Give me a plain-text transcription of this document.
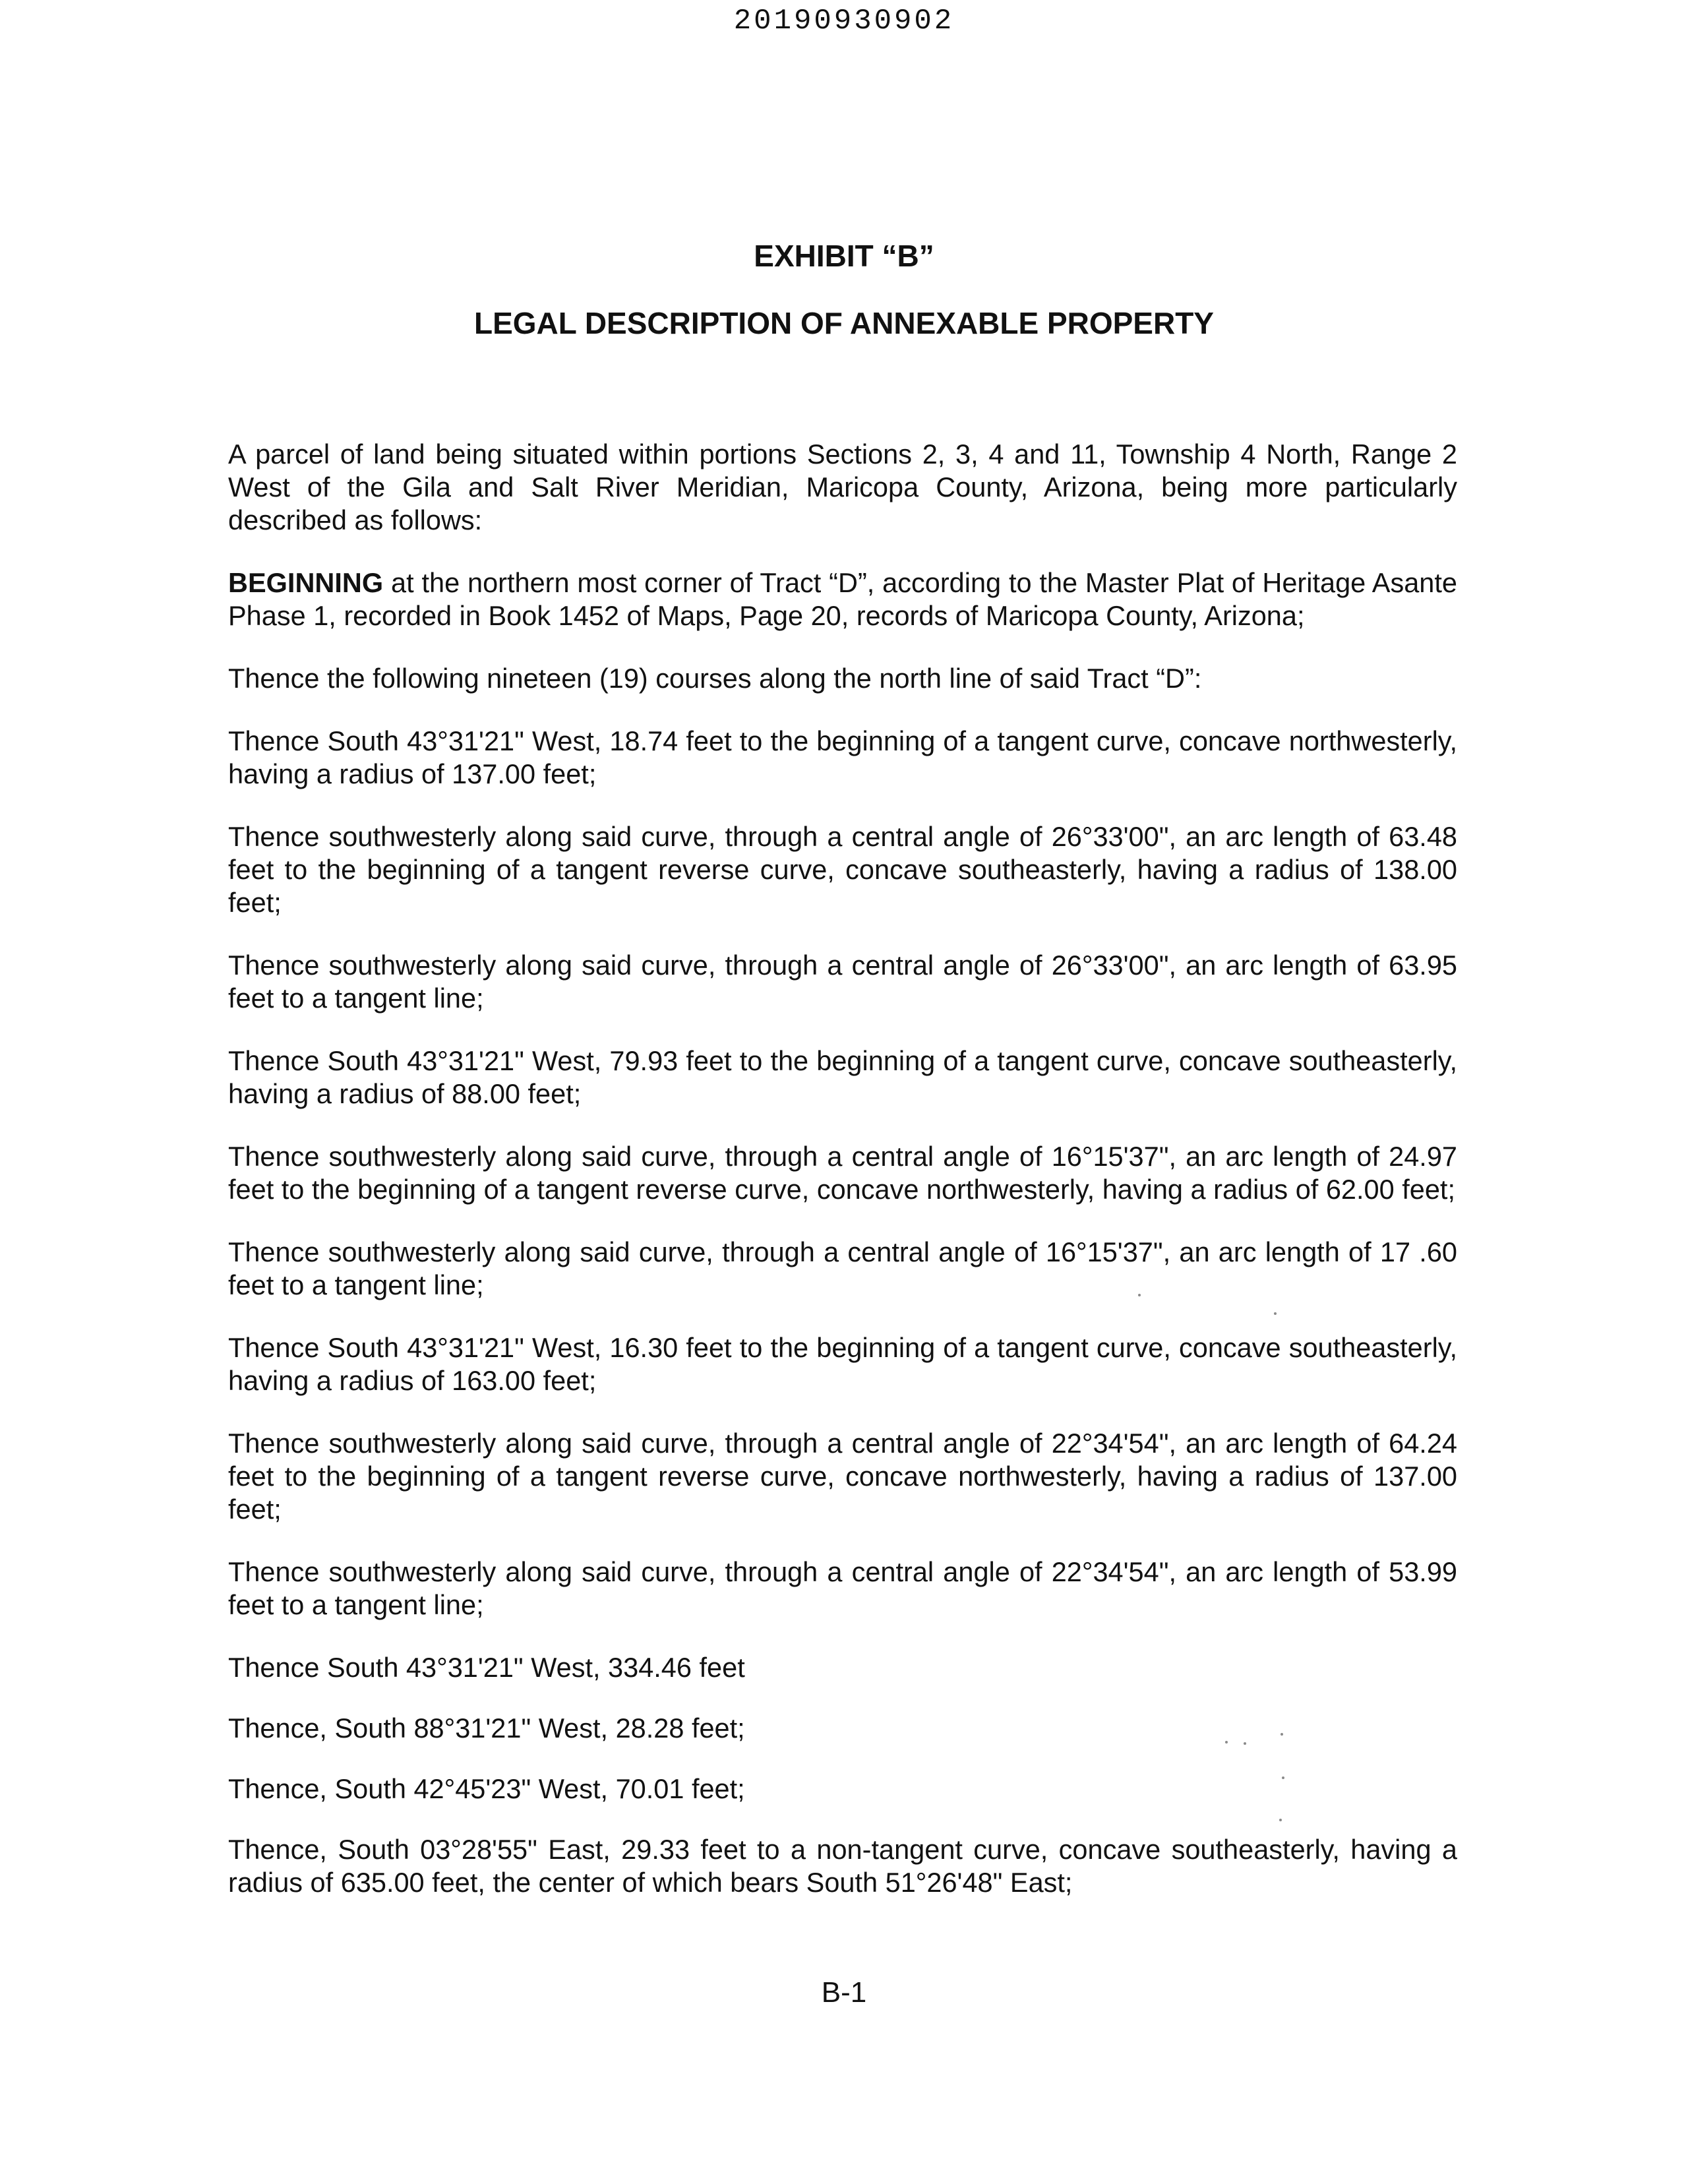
20190930902
EXHIBIT “B”
LEGAL DESCRIPTION OF ANNEXABLE PROPERTY

A parcel of land being situated within portions Sections 2, 3, 4 and 11, Township 4 North, Range 2 West of the Gila and Salt River Meridian, Maricopa County, Arizona, being more particularly described as follows:

BEGINNING at the northern most corner of Tract “D”, according to the Master Plat of Heritage Asante Phase 1, recorded in Book 1452 of Maps, Page 20, records of Maricopa County, Arizona;

Thence the following nineteen (19) courses along the north line of said Tract “D”:

Thence South 43°31'21" West, 18.74 feet to the beginning of a tangent curve, concave northwesterly, having a radius of 137.00 feet;

Thence southwesterly along said curve, through a central angle of 26°33'00", an arc length of 63.48 feet to the beginning of a tangent reverse curve, concave southeasterly, having a radius of 138.00 feet;

Thence southwesterly along said curve, through a central angle of 26°33'00", an arc length of 63.95 feet to a tangent line;

Thence South 43°31'21" West, 79.93 feet to the beginning of a tangent curve, concave southeasterly, having a radius of 88.00 feet;

Thence southwesterly along said curve, through a central angle of 16°15'37", an arc length of 24.97 feet to the beginning of a tangent reverse curve, concave northwesterly, having a radius of 62.00 feet;

Thence southwesterly along said curve, through a central angle of 16°15'37", an arc length of 17 .60 feet to a tangent line;

Thence South 43°31'21" West, 16.30 feet to the beginning of a tangent curve, concave southeasterly, having a radius of 163.00 feet;

Thence southwesterly along said curve, through a central angle of 22°34'54", an arc length of 64.24 feet to the beginning of a tangent reverse curve, concave northwesterly, having a radius of 137.00 feet;

Thence southwesterly along said curve, through a central angle of 22°34'54", an arc length of 53.99 feet to a tangent line;

Thence South 43°31'21" West, 334.46 feet

Thence, South 88°31'21" West, 28.28 feet;

Thence, South 42°45'23" West, 70.01 feet;

Thence, South 03°28'55" East, 29.33 feet to a non-tangent curve, concave southeasterly, having a radius of 635.00 feet, the center of which bears South 51°26'48" East;

B-1
